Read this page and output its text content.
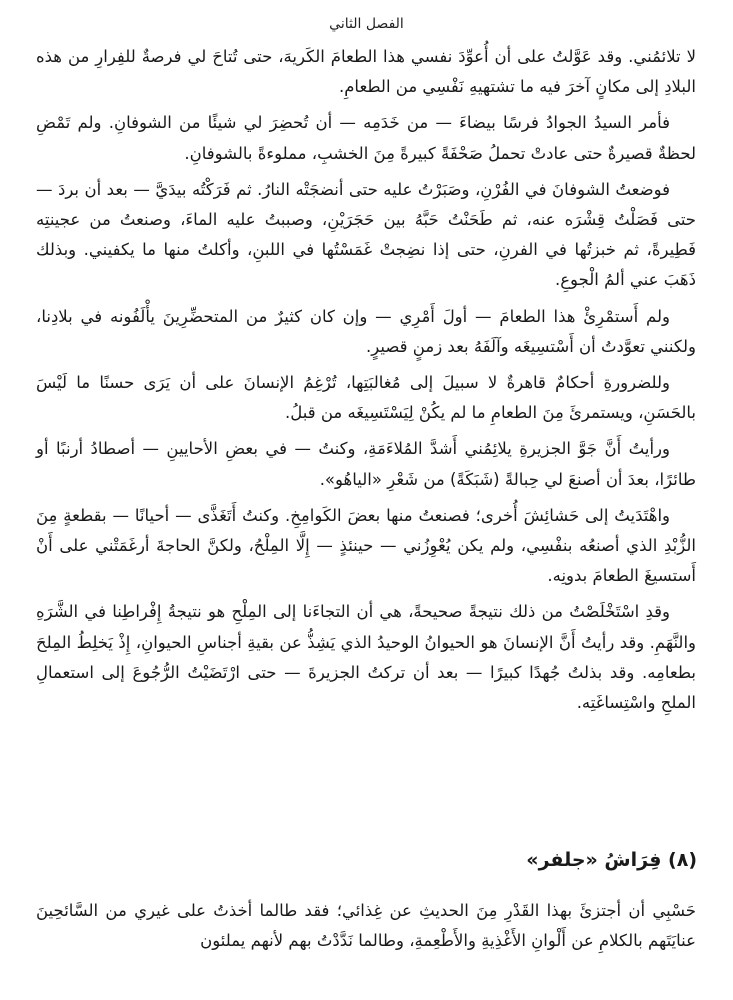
الفصل الثاني

لا تلائمُني. وقد عَوَّلتُ على أن أُعوِّدَ نفسي هذا الطعامَ الكَريهَ، حتى تُتاحَ لي فرصةٌ للفِرارِ من هذه البلادِ إلى مكانٍ آخرَ فيه ما تشتهيهِ نَفْسِي من الطعامِ.

فأمر السيدُ الجوادُ فرسًا بيضاءَ — من خَدَمِه — أن تُحضِرَ لي شيئًا من الشوفانِ. ولم تَمْضِ لحظةٌ قصيرةٌ حتى عادتْ تحملُ صَحْفَةً كبيرةً مِنَ الخشبِ، مملوءةً بالشوفانِ.

فوضعتُ الشوفانَ في الفُرْنِ، وصَبَرْتُ عليه حتى أنضجَتْه النارُ. ثم فَرَكْتُه بيدَيَّ — بعد أن بردَ — حتى فَصَلْتُ قِشْرَه عنه، ثم طَحَنْتُ حَبَّهُ بين حَجَرَيْنِ، وصببتُ عليه الماءَ، وصنعتُ من عجينتِه فَطِيرةً، ثم خبزتُها في الفرنِ، حتى إذا نضِجتْ غَمَسْتُها في اللبنِ، وأكلتُ منها ما يكفيني. وبذلك ذَهَبَ عني ألمُ الْجوعِ.

ولم أَستمْرِئْ هذا الطعامَ — أولَ أَمْرِي — وإن كان كثيرٌ من المتحضِّرِينَ يأْلَفُونه في بلادِنا، ولكنني تعوَّدتُ أن أَسْتسِيغَه وآلَفَهُ بعد زمنٍ قصيرٍ.

وللضرورةِ أحكامٌ قاهرةٌ لا سبيلَ إلى مُغالبَتِها، تُرْغِمُ الإنسانَ على أن يَرَى حسنًا ما لَيْسَ بالحَسَنِ، ويستمرئَ مِنَ الطعامِ ما لم يكُنْ لِيَسْتَسِيغَه من قبلُ.

ورأيتُ أَنَّ جَوَّ الجزيرةِ يلائِمُني أَشدَّ المُلاءَمَةِ، وكنتُ — في بعضِ الأحايينِ — أصطادُ أرنبًا أو طائرًا، بعدَ أن أصنعَ لي حِبالةً (شَبَكَةً) من شَعْرِ «الياهُو».

واهْتَدَيتُ إلى حَشائِشَ أُخرى؛ فصنعتُ منها بعضَ الكَوامِخِ. وكنتُ أَتَغَذَّى — أحيانًا — بقطعةٍ مِنَ الزُّبْدِ الذي أصنعُه بنفْسِي، ولم يكن يُعْوِزُني — حينئذٍ — إِلَّا المِلْحُ، ولكنَّ الحاجةَ أرغَمَتْني على أَنْ أَستسيغَ الطعامَ بدونِه.

وقدِ اسْتَخْلَصْتُ من ذلك نتيجةً صحيحةً، هي أن التجاءَنا إلى المِلْحِ هو نتيجةُ إِفْراطِنا في الشَّرَهِ والنَّهَمِ. وقد رأيتُ أَنَّ الإنسانَ هو الحيوانُ الوحيدُ الذي يَشِذُّ عن بقيةِ أجناسِ الحيوانِ، إِذْ يَخلِطُ المِلحَ بطعامِه. وقد بذلتُ جُهدًا كبيرًا — بعد أن تركتُ الجزيرةَ — حتى ارْتَضَيْتُ الرُّجُوعَ إلى استعمالِ الملحِ واسْتِساغَتِه.

(٨) فِرَاشُ «جلفر»

حَسْبِي أن أجتزئَ بهذا القَدْرِ مِنَ الحديثِ عن غِذائي؛ فقد طالما أخذتُ على غيري من السَّائحِينَ عنايَتَهم بالكلامِ عن أَلْوانِ الأَغْذِيةِ والأَطْعِمةِ، وطالما نَدَّدْتُ بهم لأنهم يملئون
